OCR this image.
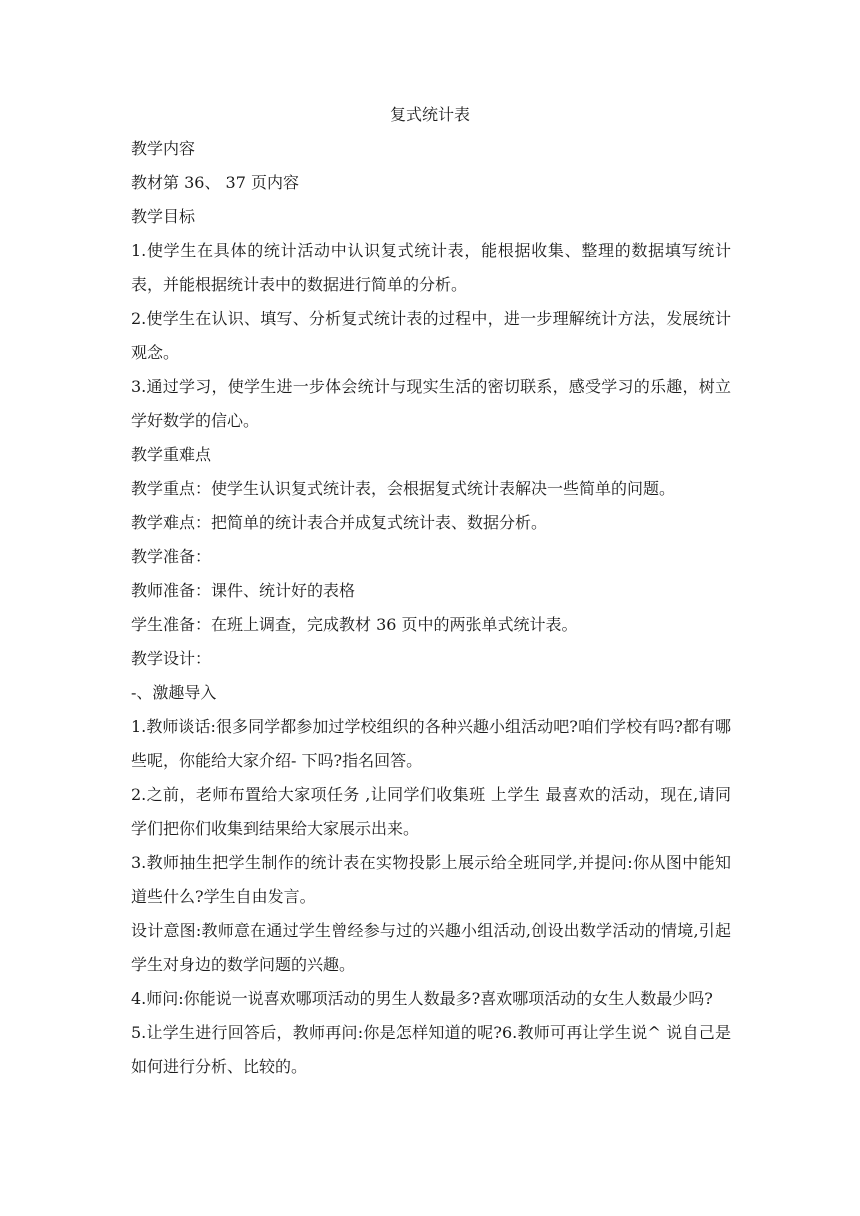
复式统计表

教学内容

教材第 36、 37 页内容

教学目标

1.使学生在具体的统计活动中认识复式统计表，能根据收集、整理的数据填写统计表，并能根据统计表中的数据进行简单的分析。

2.使学生在认识、填写、分析复式统计表的过程中，进一步理解统计方法，发展统计观念。

3.通过学习，使学生进一步体会统计与现实生活的密切联系，感受学习的乐趣，树立学好数学的信心。

教学重难点

教学重点：使学生认识复式统计表，会根据复式统计表解决一些简单的问题。

教学难点：把简单的统计表合并成复式统计表、数据分析。

教学准备：

教师准备：课件、统计好的表格

学生准备：在班上调查，完成教材 36 页中的两张单式统计表。

教学设计：

-、激趣导入

1.教师谈话:很多同学都参加过学校组织的各种兴趣小组活动吧?咱们学校有吗?都有哪些呢，你能给大家介绍- 下吗?指名回答。

2.之前，老师布置给大家项任务 ,让同学们收集班 上学生 最喜欢的活动，现在,请同学们把你们收集到结果给大家展示出来。

3.教师抽生把学生制作的统计表在实物投影上展示给全班同学,并提问:你从图中能知道些什么?学生自由发言。

设计意图:教师意在通过学生曾经参与过的兴趣小组活动,创设出数学活动的情境,引起学生对身边的数学问题的兴趣。

4.师问:你能说一说喜欢哪项活动的男生人数最多?喜欢哪项活动的女生人数最少吗?

5.让学生进行回答后，教师再问:你是怎样知道的呢?6.教师可再让学生说^ 说自己是如何进行分析、比较的。
